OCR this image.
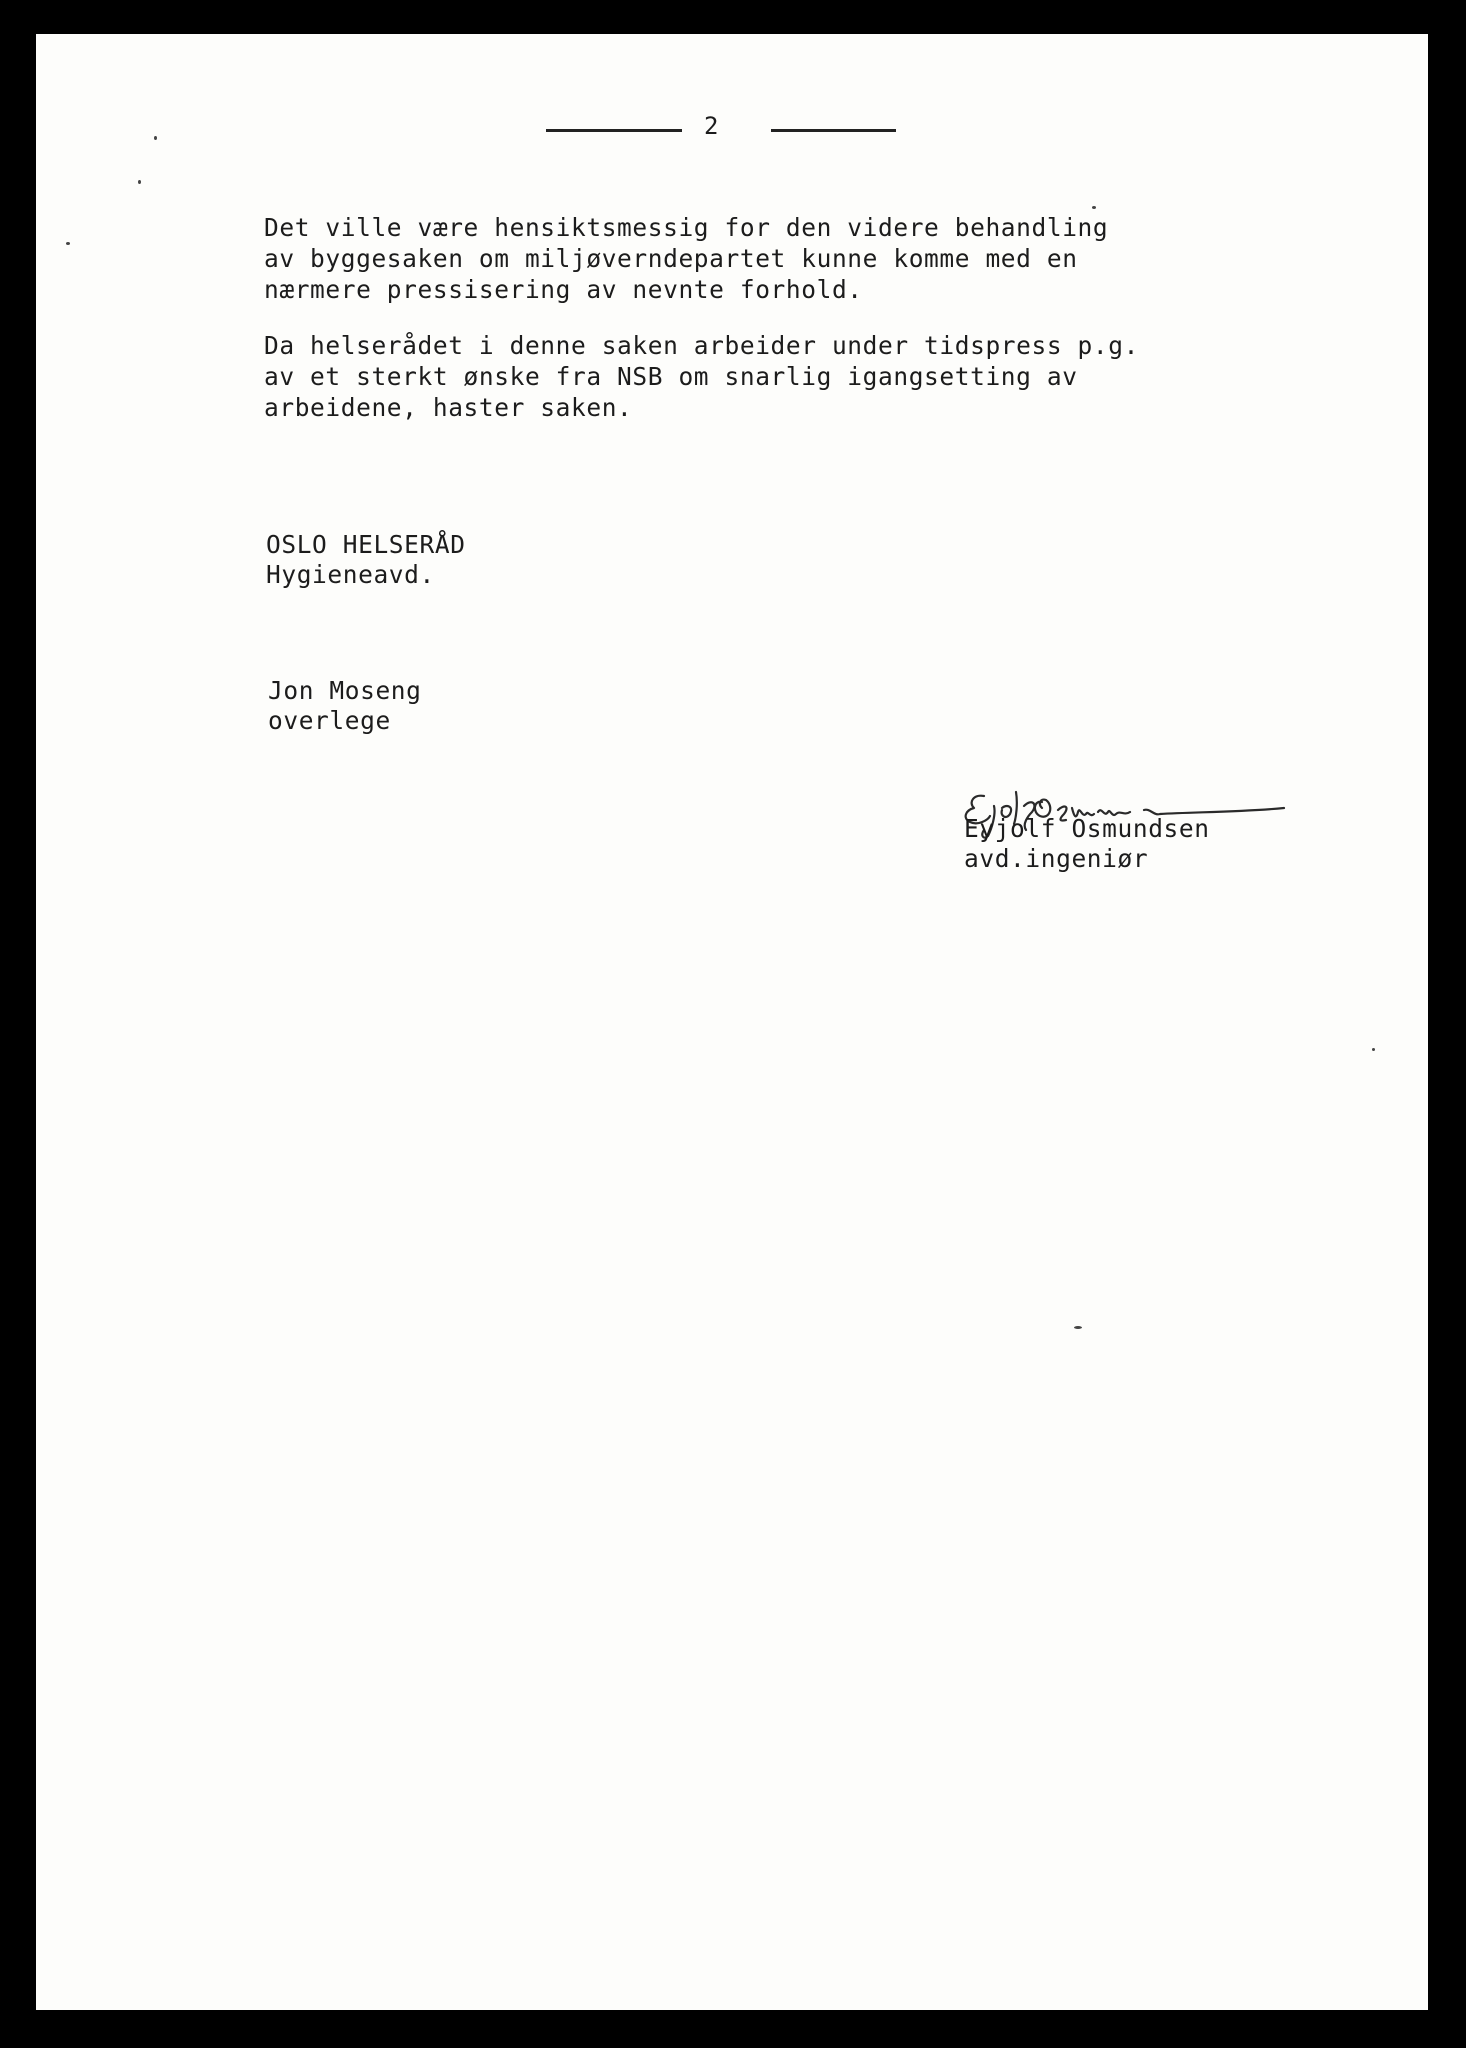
2

Det ville være hensiktsmessig for den videre behandling

av byggesaken om miljøverndepartet kunne komme med en

nærmere pressisering av nevnte forhold.

Da helserådet i denne saken arbeider under tidspress p.g.

av et sterkt ønske fra NSB om snarlig igangsetting av

arbeidene, haster saken.

OSLO HELSERÅD

Hygieneavd.

Jon Moseng

overlege

Eyjolf Osmundsen

avd.ingeniør
